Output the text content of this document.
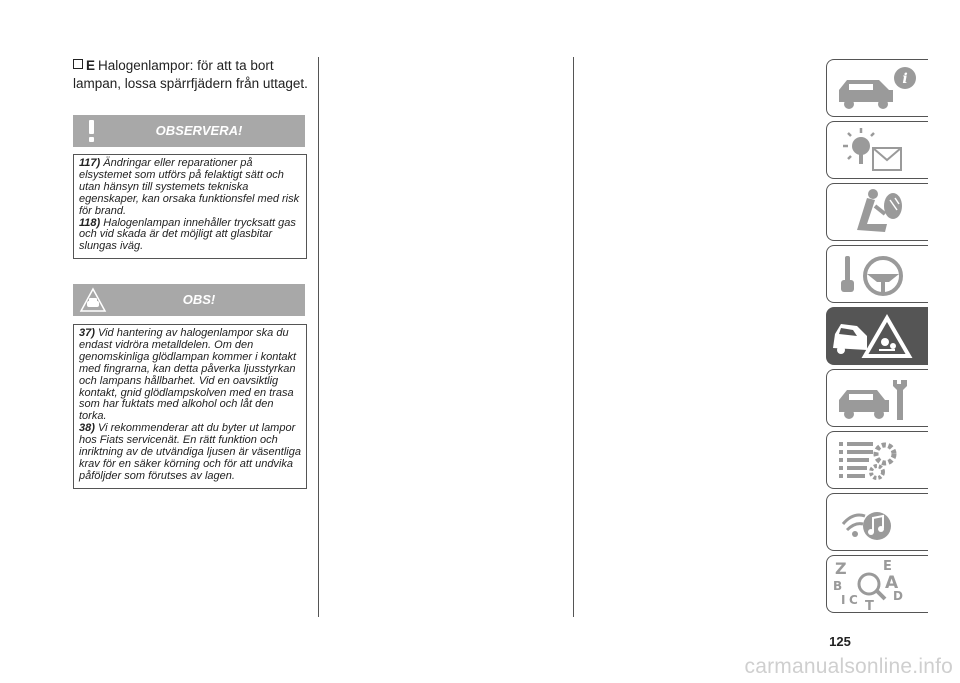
E Halogenlampor: för att ta bort lampan, lossa spärrfjädern från uttaget.
OBSERVERA!

117) Ändringar eller reparationer på elsystemet som utförs på felaktigt sätt och utan hänsyn till systemets tekniska egenskaper, kan orsaka funktionsfel med risk för brand.

118) Halogenlampan innehåller trycksatt gas och vid skada är det möjligt att glasbitar slungas iväg.

OBS!

37) Vid hantering av halogenlampor ska du endast vidröra metalldelen. Om den genomskinliga glödlampan kommer i kontakt med fingrarna, kan detta påverka ljusstyrkan och lampans hållbarhet. Vid en oavsiktlig kontakt, gnid glödlampskolven med en trasa som har fuktats med alkohol och låt den torka.

38) Vi rekommenderar att du byter ut lampor hos Fiats servicenät. En rätt funktion och inriktning av de utvändiga ljusen är väsentliga krav för en säker körning och för att undvika påföljder som förutses av lagen.

i
Z	E
B	A
C	D
I T
125
carmanualsonline.info
